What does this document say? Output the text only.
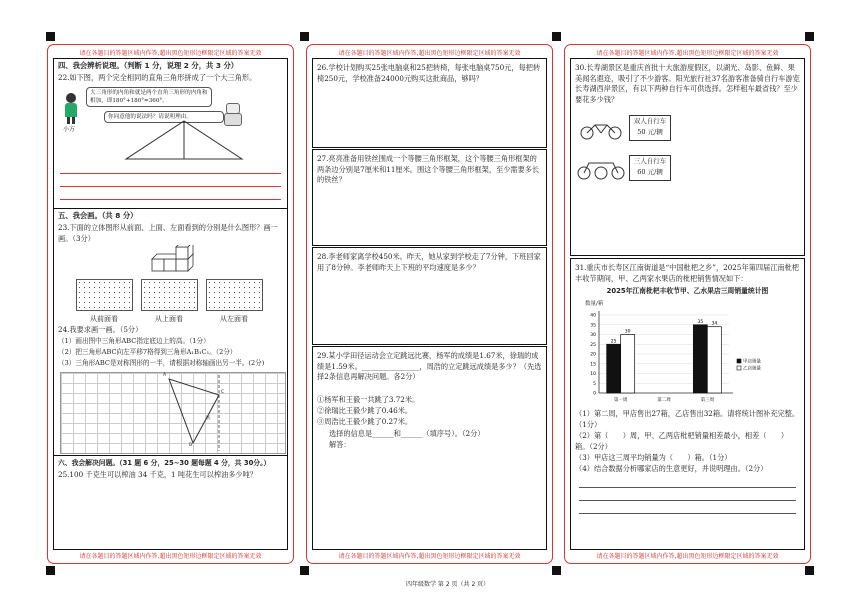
请在各题目的答题区域内作答,超出黑色矩形边框限定区域的答案无效
请在各题目的答题区域内作答,超出黑色矩形边框限定区域的答案无效
四、我会辨析说理。（判断 1 分，说理 2 分，共 3 分）
22.如下图，两个完全相同的直角三角形拼成了一个大三角形。
小方
大三角形的内角和就是两个直角三角形的内角和相加，即180°+180°=360°。
你同意他的说法吗？请说明理由。
五、我会画。（共 8 分）
23.下面的立体图形从前面、上面、左面看到的分别是什么图形？画一画。（3分）
从前面看	从上面看	从左面看
24.我要求画一画。（5分）
（1）画出图中三角形ABC指定底边上的高。（1分）
（2）把三角形ABC向左平移7格得到三角形A₁B₁C₁。（2分）
（3）三角形ABC是对称图形的一半，请根据对称轴画出另一半。(2分)
A
B
C
底
六、我会解决问题。（31 题 6 分，25~30 题每题 4 分，共 30分。）
25.100 千克生可以榨油 34 千克，1 吨花生可以榨油多少吨？
请在各题目的答题区域内作答,超出黑色矩形边框限定区域的答案无效
请在各题目的答题区域内作答,超出黑色矩形边框限定区域的答案无效
26.学校计划购买25张电脑桌和25把转椅，每张电脑桌750元，每把转椅250元，学校准备24000元购买这批商品，够吗？
27.亮亮准备用铁丝围成一个等腰三角形框架，这个等腰三角形框架的两条边分别是7厘米和11厘米。围这个等腰三角形框架，至少需要多长的铁丝？
28.李老师家离学校450米。昨天，她从家到学校走了7分钟，下班回家用了8分钟。李老师昨天上下班的平均速度是多少？
29.某小学田径运动会立定跳远比赛，杨军的成绩是1.67米，徐瑞的成绩是1.59米。________________，周浩的立定跳远成绩是多少？（先选择2条信息再解决问题。各2分）
①杨军和王毅一共跳了3.72米。
②徐瑞比王毅少跳了0.46米。
③周浩比王毅少跳了0.27米。
选择的信息是______和______（填序号）。（2分）
解答：
四年级数学 第 2 页（共 2 页）
请在各题目的答题区域内作答,超出黑色矩形边框限定区域的答案无效
请在各题目的答题区域内作答,超出黑色矩形边框限定区域的答案无效
30.长寿湖景区是重庆首批十大旅游度假区，以湖光、岛影、鱼鲜、果美闻名遐迩，吸引了不少游客。阳光旅行社37名游客准备骑自行车游览长寿湖西岸景区，有以下两种自行车可供选择。怎样租车最省钱？至少要花多少钱？
双人自行车
50 元/辆
三人自行车
60 元/辆
31.重庆市长寿区江南街道是“中国枇杷之乡”，2025年第四届江南枇杷丰收节期间，甲、乙两家水果店的枇杷销售情况如下：
2025年江南枇杷丰收节甲、乙水果店三周销量统计图
数量/箱
0
5
10
15
20
25
30
35
40
25
30
第一周	第二周
35 34
第三周
甲店销量
乙店销量
（1）第二周，甲店售出27箱，乙店售出32箱。请将统计图补充完整。（1分）
（2）第（　　）周，甲、乙两店枇杷销量相差最小，相差（　　）箱。（2分）
（3）甲店这三周平均销量为（　　）箱。（1分）
（4）结合数据分析哪家店的生意更好，并说明理由。（2分）
